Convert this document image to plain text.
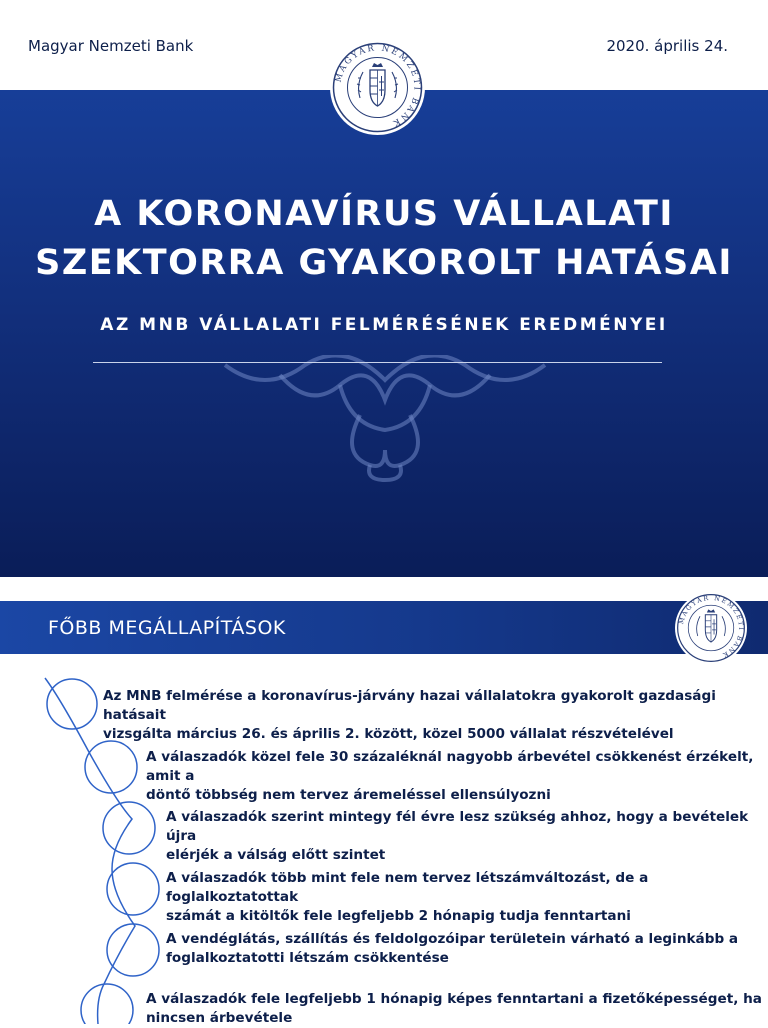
Magyar Nemzeti Bank	2020. április 24.
MAGYAR NEMZETI BANK
A KORONAVÍRUS VÁLLALATI
SZEKTORRA GYAKOROLT HATÁSAI
AZ MNB VÁLLALATI FELMÉRÉSÉNEK EREDMÉNYEI
FŐBB MEGÁLLAPÍTÁSOK	MAGYAR NEMZETI BANK
Az MNB felmérése a koronavírus-járvány hazai vállalatokra gyakorolt gazdasági hatásait
vizsgálta március 26. és április 2. között, közel 5000 vállalat részvételével
A válaszadók közel fele 30 százaléknál nagyobb árbevétel csökkenést érzékelt, amit a
döntő többség nem tervez áremeléssel ellensúlyozni
A válaszadók szerint mintegy fél évre lesz szükség ahhoz, hogy a bevételek újra
elérjék a válság előtt szintet
A válaszadók több mint fele nem tervez létszámváltozást, de a foglalkoztatottak
számát a kitöltők fele legfeljebb 2 hónapig tudja fenntartani
A vendéglátás, szállítás és feldolgozóipar területein várható a leginkább a
foglalkoztatotti létszám csökkentése
A válaszadók fele legfeljebb 1 hónapig képes fenntartani a fizetőképességet, ha
nincsen árbevétele
